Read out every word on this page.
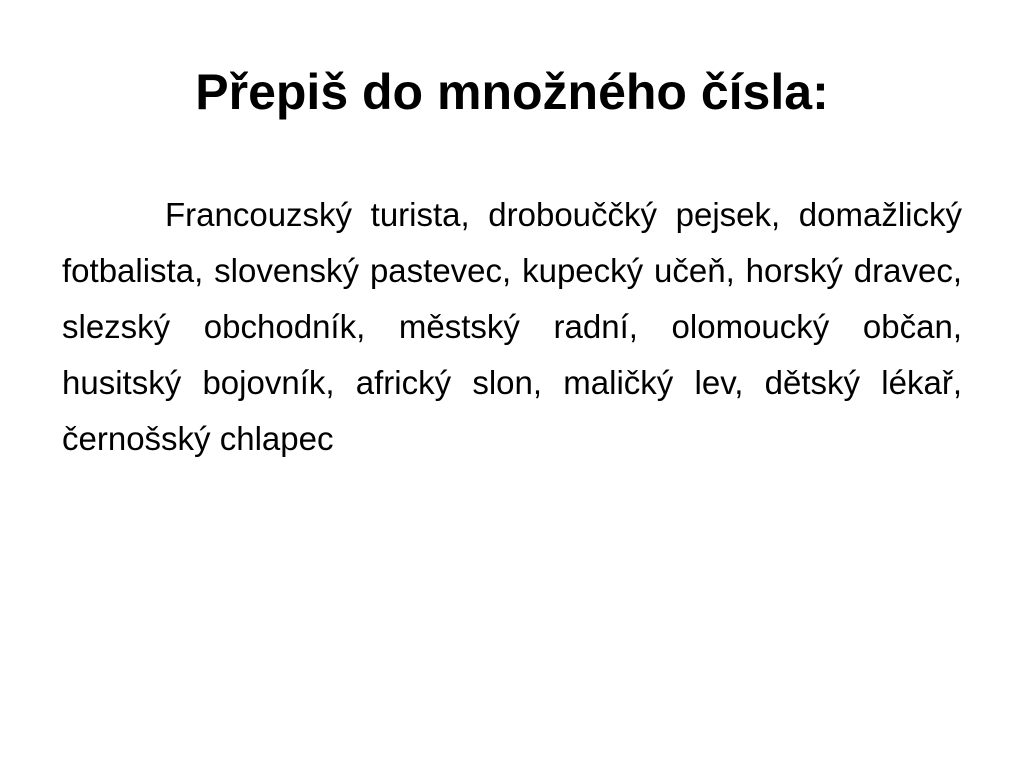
Přepiš do množného čísla:

Francouzský turista, drobouččký pejsek, domažlický fotbalista, slovenský pastevec, kupecký učeň, horský dravec, slezský obchodník, městský radní, olomoucký občan, husitský bojovník, africký slon, maličký lev, dětský lékař, černošský chlapec
